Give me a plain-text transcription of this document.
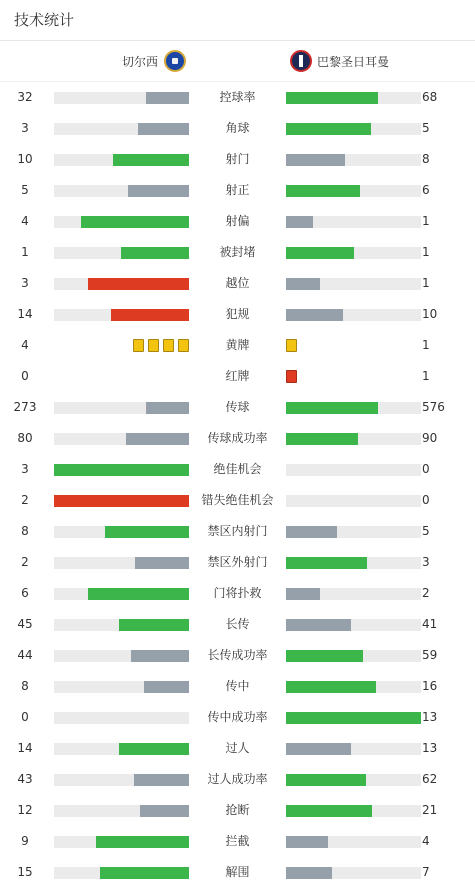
技术统计
切尔西	巴黎圣日耳曼
32	控球率	68
3	角球	5
10	射门	8
5	射正	6
4	射偏	1
1	被封堵	1
3	越位	1
14	犯规	10
4	黄牌	1
0	红牌	1
273	传球	576
80	传球成功率	90
3	绝佳机会	0
2	错失绝佳机会	0
8	禁区内射门	5
2	禁区外射门	3
6	门将扑救	2
45	长传	41
44	长传成功率	59
8	传中	16
0	传中成功率	13
14	过人	13
43	过人成功率	62
12	抢断	21
9	拦截	4
15	解围	7
